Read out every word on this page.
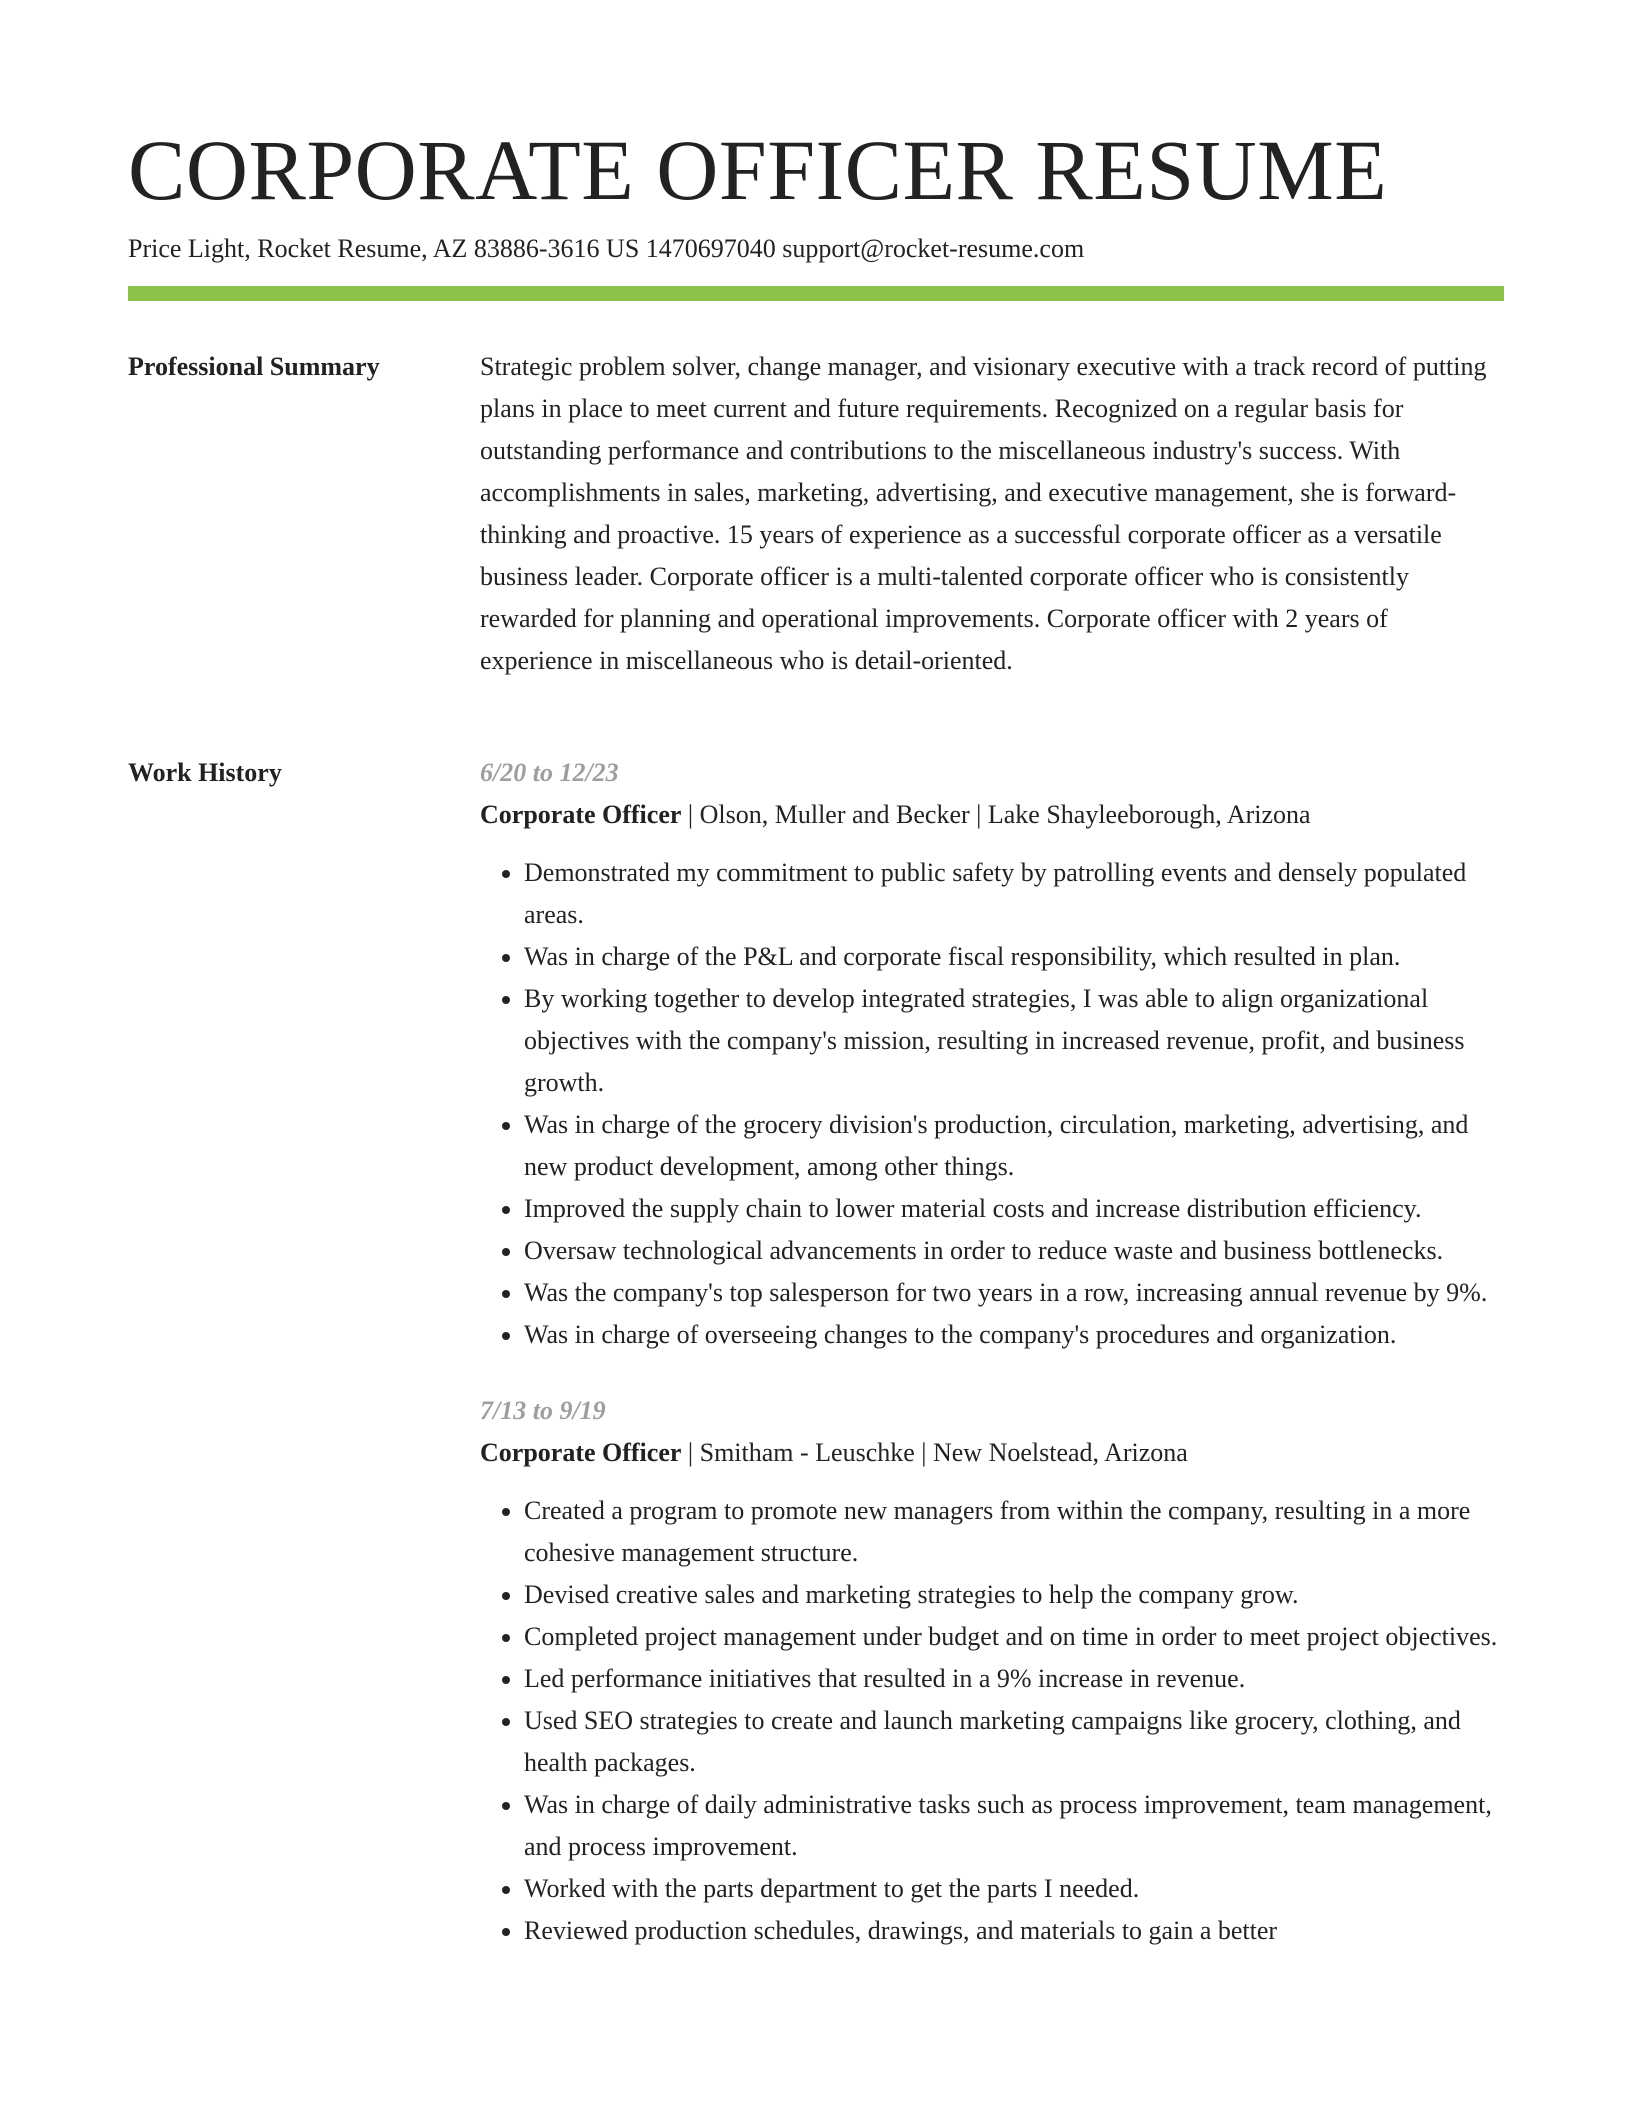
CORPORATE OFFICER RESUME
Price Light, Rocket Resume, AZ 83886-3616 US 1470697040 support@rocket-resume.com
Professional Summary	Strategic problem solver, change manager, and visionary executive with a track record of putting plans in place to meet current and future requirements. Recognized on a regular basis for outstanding performance and contributions to the miscellaneous industry's success. With accomplishments in sales, marketing, advertising, and executive management, she is forward-thinking and proactive. 15 years of experience as a successful corporate officer as a versatile business leader. Corporate officer is a multi-talented corporate officer who is consistently rewarded for planning and operational improvements. Corporate officer with 2 years of experience in miscellaneous who is detail-oriented.

Work History	6/20 to 12/23
Corporate Officer | Olson, Muller and Becker | Lake Shayleeborough, Arizona
• Demonstrated my commitment to public safety by patrolling events and densely populated areas.
• Was in charge of the P&L and corporate fiscal responsibility, which resulted in plan.
• By working together to develop integrated strategies, I was able to align organizational objectives with the company's mission, resulting in increased revenue, profit, and business growth.
• Was in charge of the grocery division's production, circulation, marketing, advertising, and new product development, among other things.
• Improved the supply chain to lower material costs and increase distribution efficiency.
• Oversaw technological advancements in order to reduce waste and business bottlenecks.
• Was the company's top salesperson for two years in a row, increasing annual revenue by 9%.
• Was in charge of overseeing changes to the company's procedures and organization.
7/13 to 9/19
Corporate Officer | Smitham - Leuschke | New Noelstead, Arizona
• Created a program to promote new managers from within the company, resulting in a more cohesive management structure.
• Devised creative sales and marketing strategies to help the company grow.
• Completed project management under budget and on time in order to meet project objectives.
• Led performance initiatives that resulted in a 9% increase in revenue.
• Used SEO strategies to create and launch marketing campaigns like grocery, clothing, and health packages.
• Was in charge of daily administrative tasks such as process improvement, team management, and process improvement.
• Worked with the parts department to get the parts I needed.
• Reviewed production schedules, drawings, and materials to gain a better
